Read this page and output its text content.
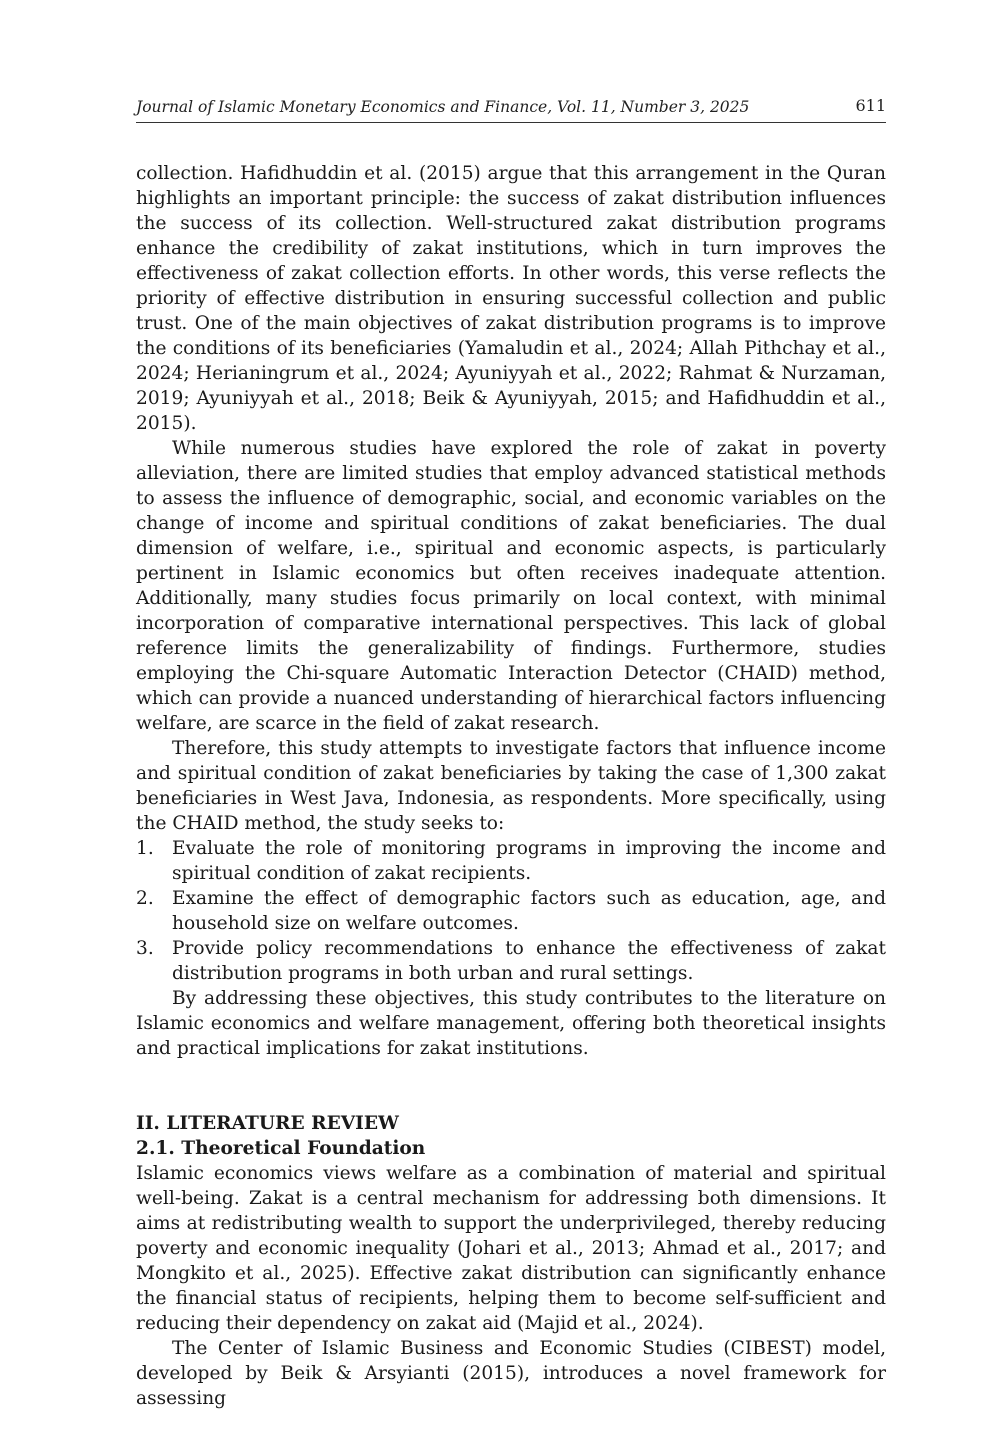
Journal of Islamic Monetary Economics and Finance, Vol. 11, Number 3, 2025	611

collection. Hafidhuddin et al. (2015) argue that this arrangement in the Quran highlights an important principle: the success of zakat distribution influences the success of its collection. Well-structured zakat distribution programs enhance the credibility of zakat institutions, which in turn improves the effectiveness of zakat collection efforts. In other words, this verse reflects the priority of effective distribution in ensuring successful collection and public trust. One of the main objectives of zakat distribution programs is to improve the conditions of its beneficiaries (Yamaludin et al., 2024; Allah Pithchay et al., 2024; Herianingrum et al., 2024; Ayuniyyah et al., 2022; Rahmat & Nurzaman, 2019; Ayuniyyah et al., 2018; Beik & Ayuniyyah, 2015; and Hafidhuddin et al., 2015).

While numerous studies have explored the role of zakat in poverty alleviation, there are limited studies that employ advanced statistical methods to assess the influence of demographic, social, and economic variables on the change of income and spiritual conditions of zakat beneficiaries. The dual dimension of welfare, i.e., spiritual and economic aspects, is particularly pertinent in Islamic economics but often receives inadequate attention. Additionally, many studies focus primarily on local context, with minimal incorporation of comparative international perspectives. This lack of global reference limits the generalizability of findings. Furthermore, studies employing the Chi-square Automatic Interaction Detector (CHAID) method, which can provide a nuanced understanding of hierarchical factors influencing welfare, are scarce in the field of zakat research.

Therefore, this study attempts to investigate factors that influence income and spiritual condition of zakat beneficiaries by taking the case of 1,300 zakat beneficiaries in West Java, Indonesia, as respondents. More specifically, using the CHAID method, the study seeks to:

1. Evaluate the role of monitoring programs in improving the income and spiritual condition of zakat recipients.
2. Examine the effect of demographic factors such as education, age, and household size on welfare outcomes.
3. Provide policy recommendations to enhance the effectiveness of zakat distribution programs in both urban and rural settings.

By addressing these objectives, this study contributes to the literature on Islamic economics and welfare management, offering both theoretical insights and practical implications for zakat institutions.

II. LITERATURE REVIEW
2.1. Theoretical Foundation

Islamic economics views welfare as a combination of material and spiritual well-being. Zakat is a central mechanism for addressing both dimensions. It aims at redistributing wealth to support the underprivileged, thereby reducing poverty and economic inequality (Johari et al., 2013; Ahmad et al., 2017; and Mongkito et al., 2025). Effective zakat distribution can significantly enhance the financial status of recipients, helping them to become self-sufficient and reducing their dependency on zakat aid (Majid et al., 2024).

The Center of Islamic Business and Economic Studies (CIBEST) model, developed by Beik & Arsyianti (2015), introduces a novel framework for assessing
